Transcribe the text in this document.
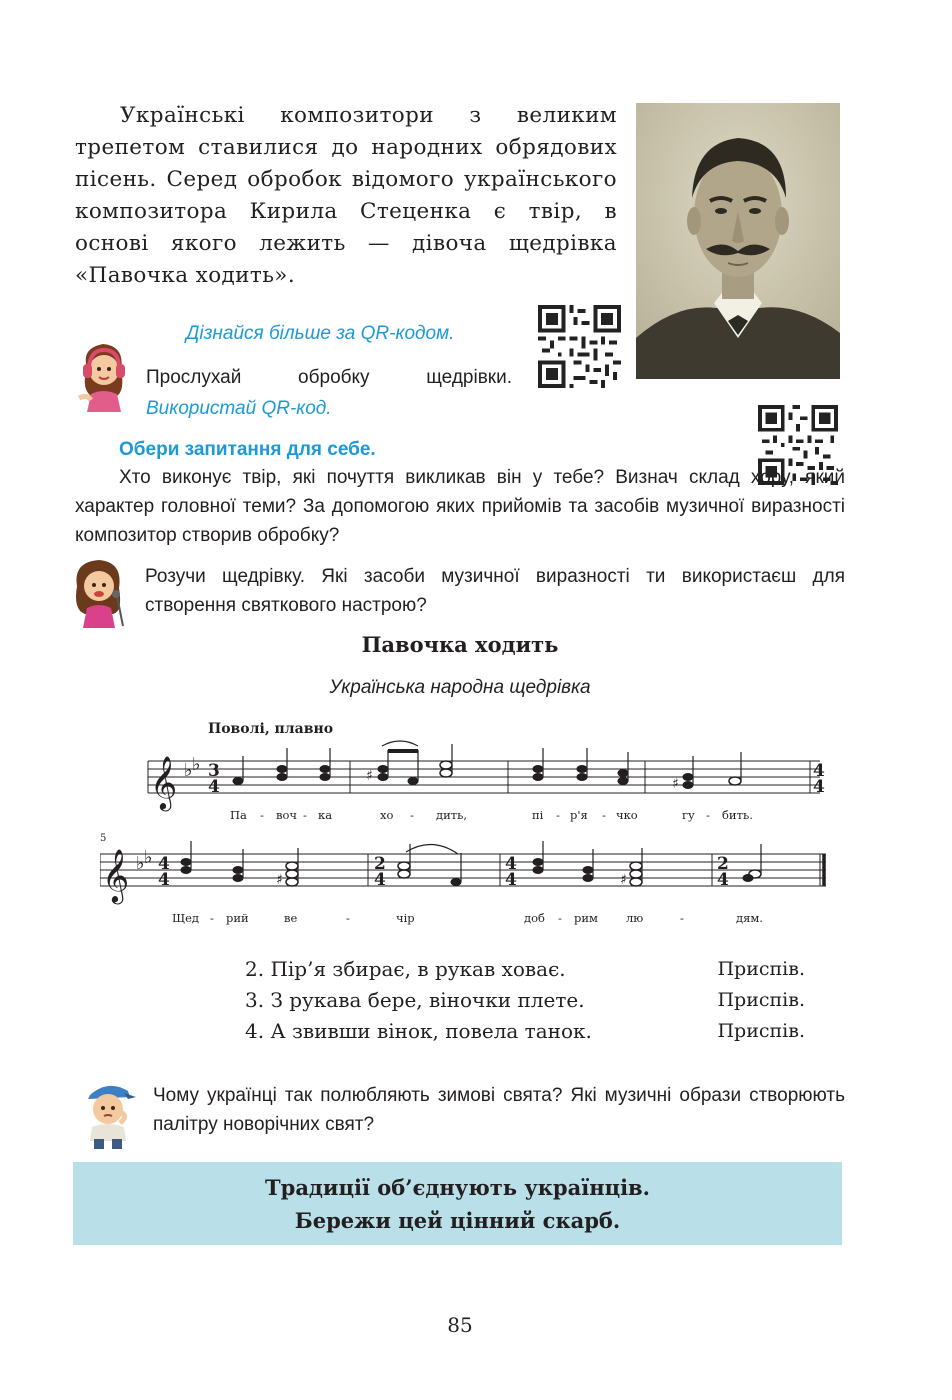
Українські композитори з великим трепетом ставилися до народних обрядових пісень. Серед обробок відомого українського композитора Кирила Стеценка є твір, в основі якого лежить — дівоча щедрівка «Павочка ходить».

Дізнайся більше за QR-кодом.
Прослухай обробку щедрівки.
Використай QR-код.
Обери запитання для себе.
Хто виконує твір, які почуття викликав він у тебе? Визнач склад хору, який характер головної теми? За допомогою яких прийомів та засобів музичної виразності композитор створив обробку?
Розучи щедрівку. Які засоби музичної виразності ти використаєш для створення святкового настрою?
Павочка ходить
Українська народна щедрівка
Поволі, плавно
𝄞 ♭ ♭ 3
4
4
4
♯	♯
Па - воч - ка	хо - дить,	пі - р'я - чко	гу - бить.
5
𝄞 ♭ ♭ 4
4
2
4
4
4
2
4
♯	♯
Щед - рий	ве	-	чір	доб - рим лю	-	дям.
2. Пір’я збирає, в рукав ховає.	Приспів.
3. З рукава бере, віночки плете.	Приспів.
4. А звивши вінок, повела танок.	Приспів.
Чому українці так полюбляють зимові свята? Які музичні образи створюють палітру новорічних свят?
Традиції об’єднують українців.
Бережи цей цінний скарб.
85
